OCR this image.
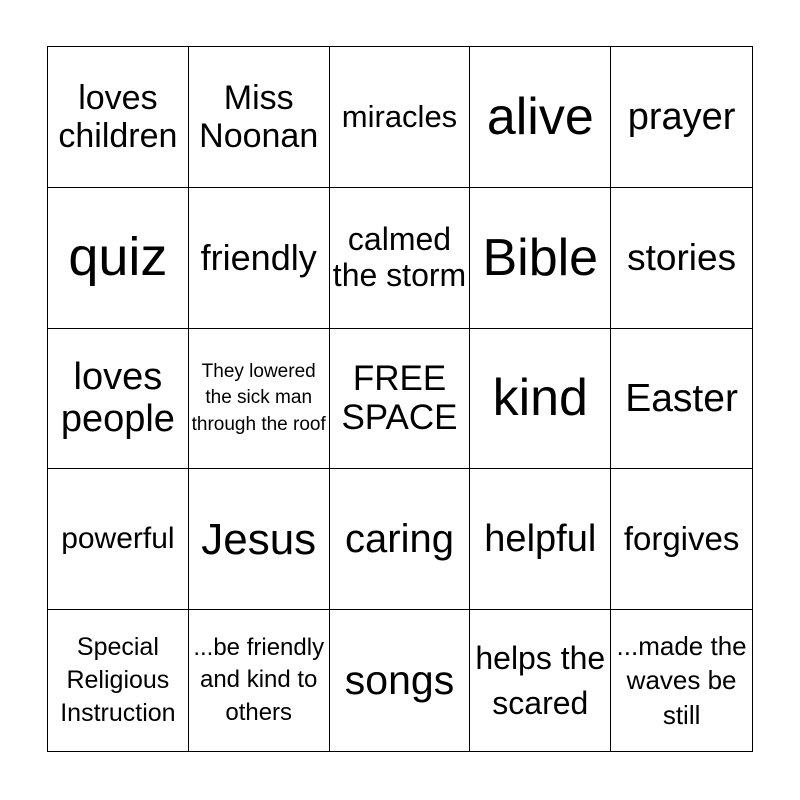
loves children
Miss Noonan
miracles alive prayer
quiz friendly calmed the storm Bible stories
loves people
They lowered the sick man through the roof
FREE SPACE kind Easter
powerful Jesus caring helpful forgives
Special Religious Instruction
...be friendly and kind to others
songs helps the scared
...made the waves be still
